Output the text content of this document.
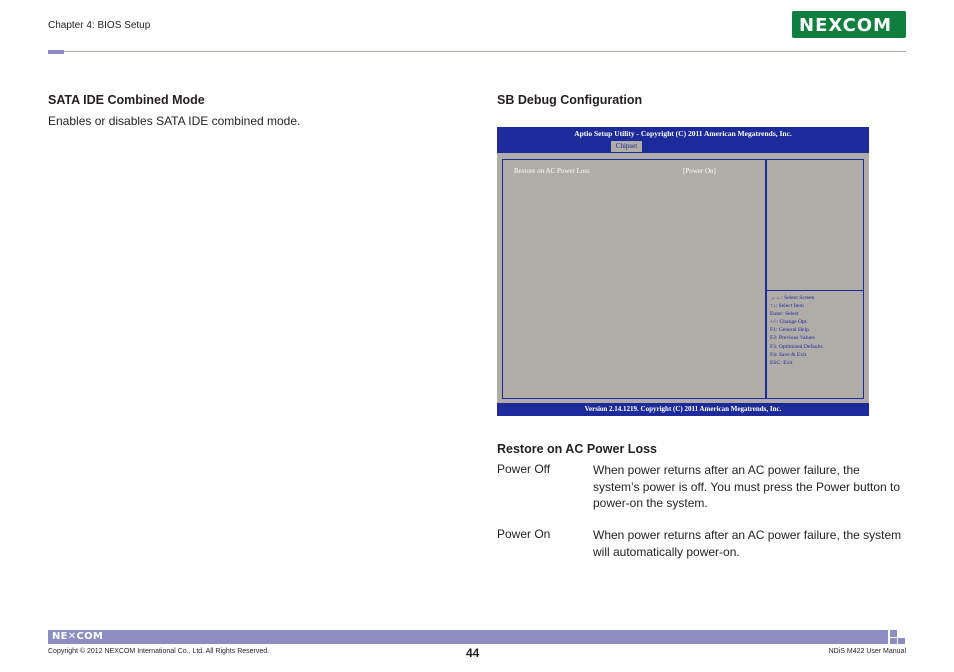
Chapter 4: BIOS Setup	NEXCOM
SATA IDE Combined Mode
Enables or disables SATA IDE combined mode.
SB Debug Configuration
Aptio Setup Utility - Copyright (C) 2011 American Megatrends, Inc.
Chipset
Restore on AC Power Loss	[Power On]
→←: Select Screen
↑↓: Select Item
Enter: Select
+/-: Change Opt.
F1: General Help
F2: Previous Values
F3: Optimized Defaults
F4: Save & Exit
ESC: Exit
Version 2.14.1219. Copyright (C) 2011 American Megatrends, Inc.
Restore on AC Power Loss
Power Off	When power returns after an AC power failure, the system’s power is off. You must press the Power button to power-on the system.
Power On	When power returns after an AC power failure, the system will automatically power-on.
NE✕COM
Copyright © 2012 NEXCOM International Co., Ltd. All Rights Reserved.	44	NDiS M422 User Manual
